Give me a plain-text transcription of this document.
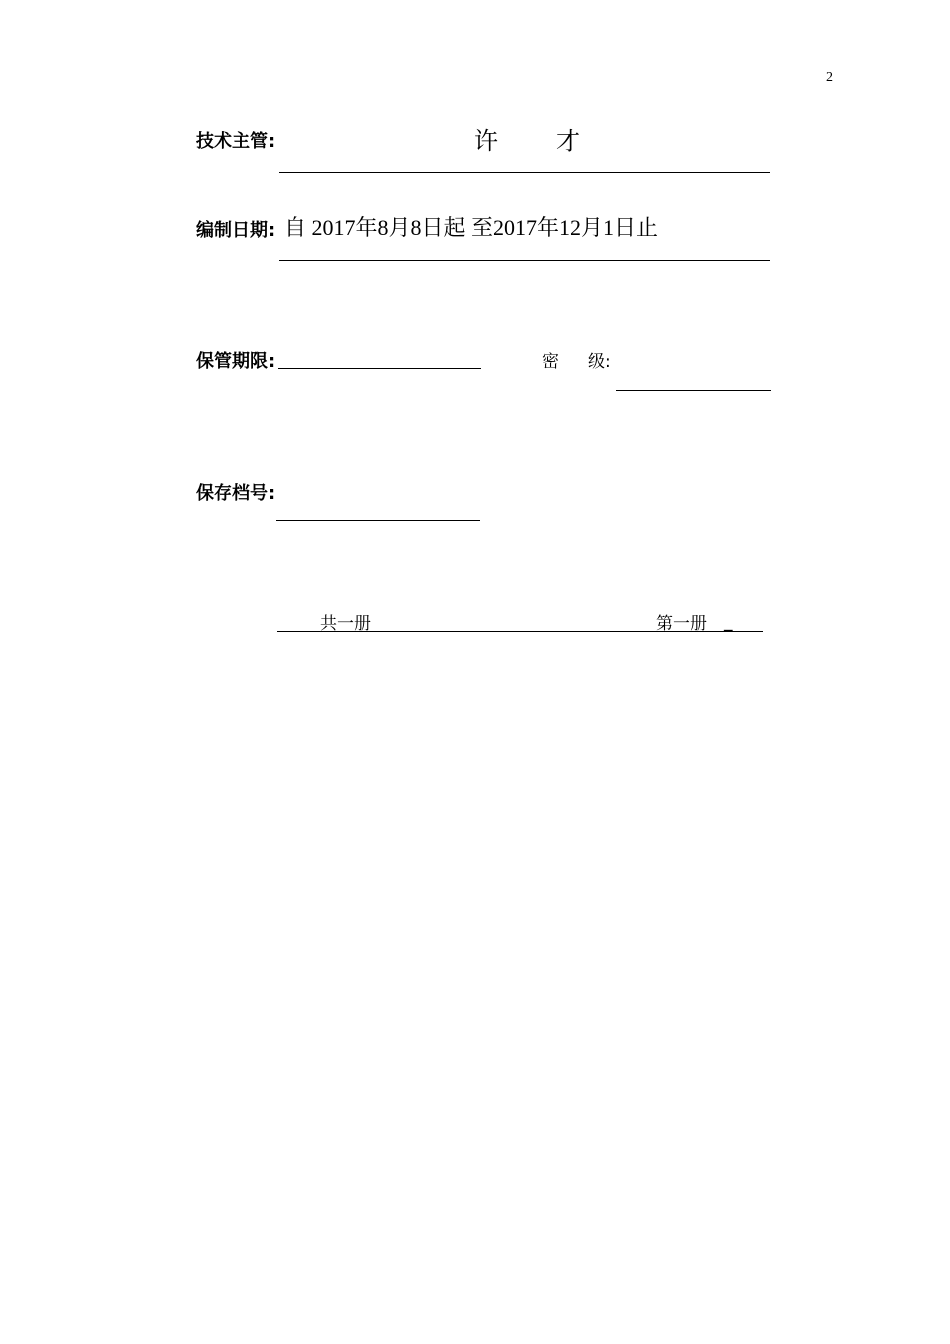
2
技术主管:	许 才
编制日期: 自 2017年8月8日起 至2017年12月1日止
保管期限:	密 级:
保存档号:
共一册	第一册 _
